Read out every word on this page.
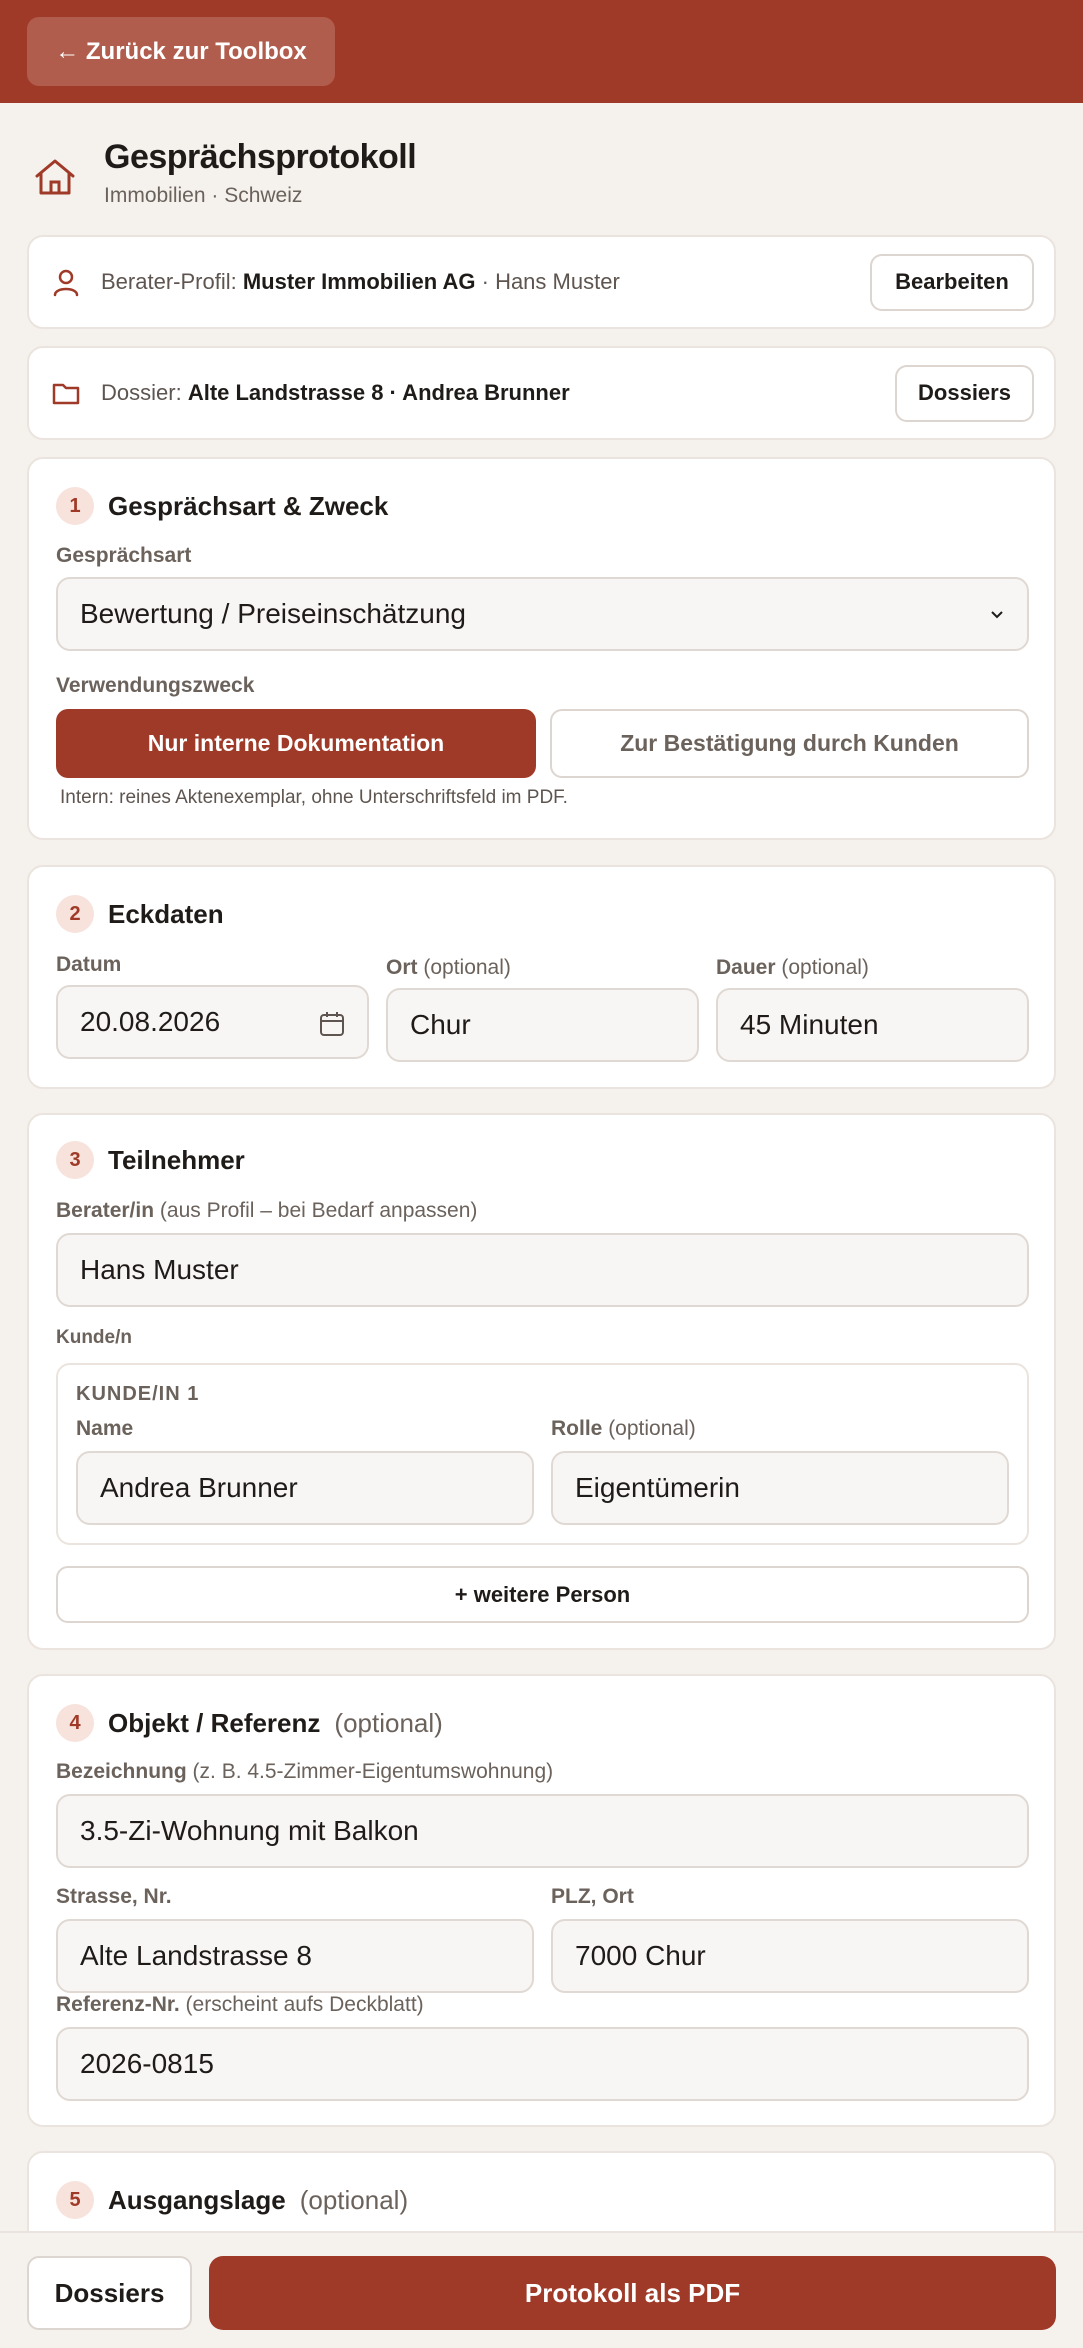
← Zurück zur Toolbox
Gesprächsprotokoll
Immobilien · Schweiz
Berater-Profil: Muster Immobilien AG · Hans Muster	Bearbeiten
Dossier: Alte Landstrasse 8 · Andrea Brunner	Dossiers
1	Gesprächsart & Zweck
Gesprächsart
Bewertung / Preiseinschätzung
Verwendungszweck
Nur interne Dokumentation	Zur Bestätigung durch Kunden
Intern: reines Aktenexemplar, ohne Unterschriftsfeld im PDF.
2	Eckdaten
Datum
20.08.2026
Ort (optional)
Chur
Dauer (optional)
45 Minuten
3	Teilnehmer
Berater/in (aus Profil – bei Bedarf anpassen)
Hans Muster
Kunde/n
KUNDE/IN 1
Name
Andrea Brunner
Rolle (optional)
Eigentümerin
+ weitere Person
4	Objekt / Referenz (optional)
Bezeichnung (z. B. 4.5-Zimmer-Eigentumswohnung)
3.5-Zi-Wohnung mit Balkon
Strasse, Nr.
Alte Landstrasse 8
PLZ, Ort
7000 Chur
Referenz-Nr. (erscheint aufs Deckblatt)
2026-0815
5	Ausgangslage (optional)
Dossiers	Protokoll als PDF
